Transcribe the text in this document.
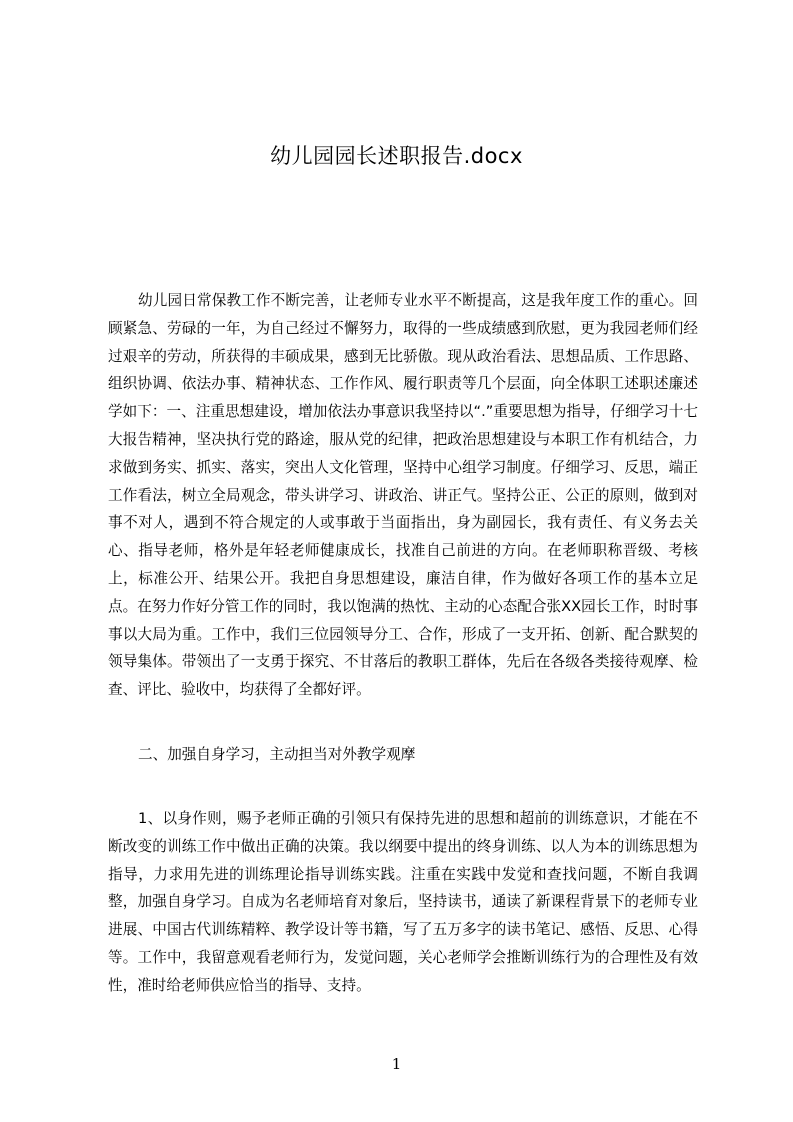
幼儿园园长述职报告.docx

幼儿园日常保教工作不断完善，让老师专业水平不断提高，这是我年度工作的重心。回顾紧急、劳碌的一年，为自己经过不懈努力，取得的一些成绩感到欣慰，更为我园老师们经过艰辛的劳动，所获得的丰硕成果，感到无比骄傲。现从政治看法、思想品质、工作思路、组织协调、依法办事、精神状态、工作作风、履行职责等几个层面，向全体职工述职述廉述学如下：一、注重思想建设，增加依法办事意识我坚持以“.”重要思想为指导，仔细学习十七大报告精神，坚决执行党的路途，服从党的纪律，把政治思想建设与本职工作有机结合，力求做到务实、抓实、落实，突出人文化管理，坚持中心组学习制度。仔细学习、反思，端正工作看法，树立全局观念，带头讲学习、讲政治、讲正气。坚持公正、公正的原则，做到对事不对人，遇到不符合规定的人或事敢于当面指出，身为副园长，我有责任、有义务去关心、指导老师，格外是年轻老师健康成长，找准自己前进的方向。在老师职称晋级、考核上，标准公开、结果公开。我把自身思想建设，廉洁自律，作为做好各项工作的基本立足点。在努力作好分管工作的同时，我以饱满的热忱、主动的心态配合张XX园长工作，时时事事以大局为重。工作中，我们三位园领导分工、合作，形成了一支开拓、创新、配合默契的领导集体。带领出了一支勇于探究、不甘落后的教职工群体，先后在各级各类接待观摩、检查、评比、验收中，均获得了全都好评。

二、加强自身学习，主动担当对外教学观摩

1、以身作则，赐予老师正确的引领只有保持先进的思想和超前的训练意识，才能在不断改变的训练工作中做出正确的决策。我以纲要中提出的终身训练、以人为本的训练思想为指导，力求用先进的训练理论指导训练实践。注重在实践中发觉和查找问题，不断自我调整，加强自身学习。自成为名老师培育对象后，坚持读书，通读了新课程背景下的老师专业进展、中国古代训练精粹、教学设计等书籍，写了五万多字的读书笔记、感悟、反思、心得等。工作中，我留意观看老师行为，发觉问题，关心老师学会推断训练行为的合理性及有效性，准时给老师供应恰当的指导、支持。

1
